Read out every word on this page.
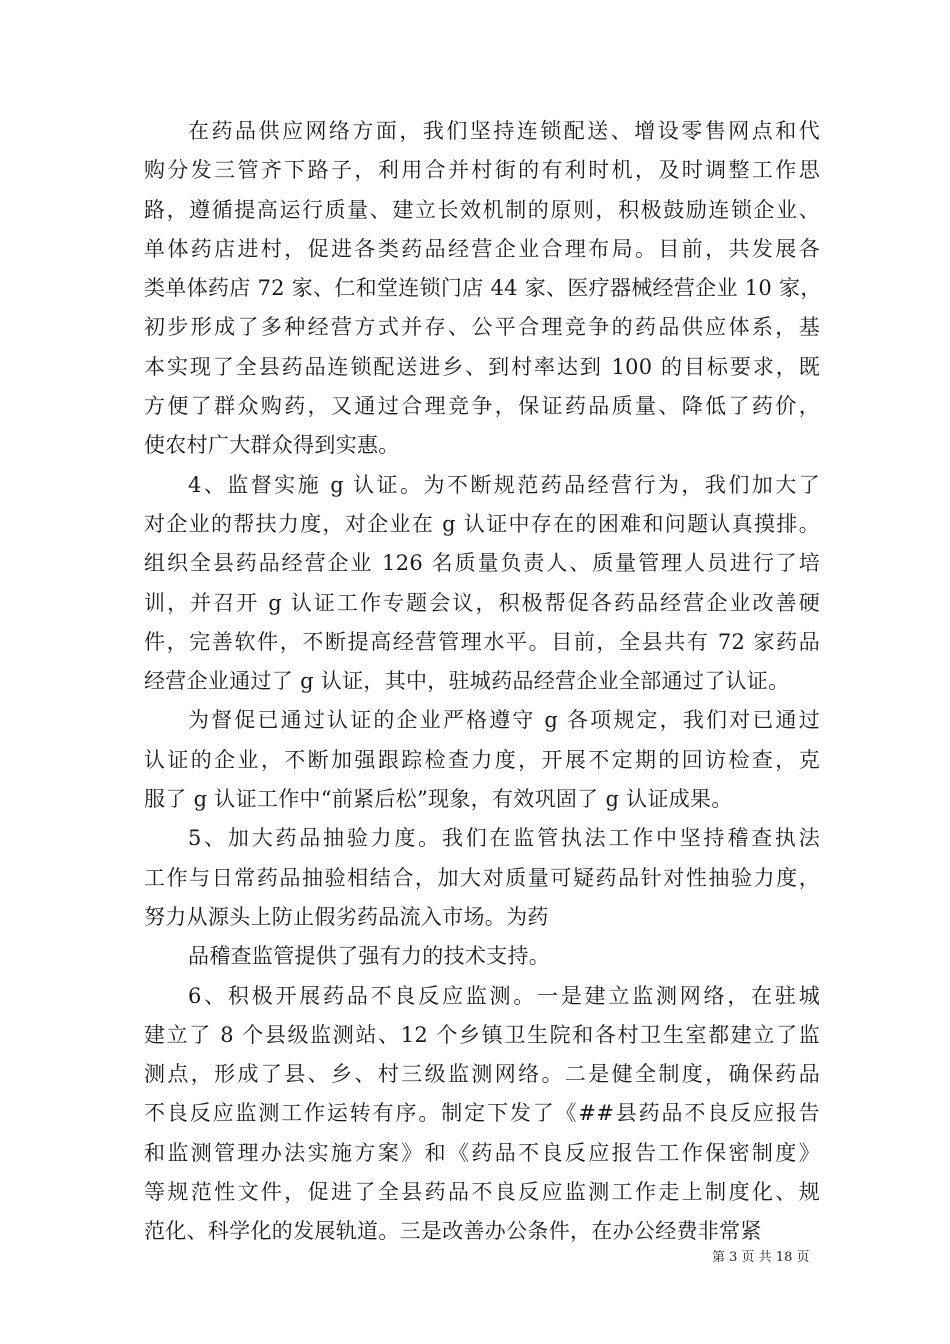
在药品供应网络方面，我们坚持连锁配送、增设零售网点和代
购分发三管齐下路子，利用合并村街的有利时机，及时调整工作思
路，遵循提高运行质量、建立长效机制的原则，积极鼓励连锁企业、
单体药店进村，促进各类药品经营企业合理布局。目前，共发展各
类单体药店 72 家、仁和堂连锁门店 44 家、医疗器械经营企业 10 家，
初步形成了多种经营方式并存、公平合理竞争的药品供应体系，基
本实现了全县药品连锁配送进乡、到村率达到 100 的目标要求，既
方便了群众购药，又通过合理竞争，保证药品质量、降低了药价，
使农村广大群众得到实惠。
4、监督实施 g 认证。为不断规范药品经营行为，我们加大了
对企业的帮扶力度，对企业在 g 认证中存在的困难和问题认真摸排。
组织全县药品经营企业 126 名质量负责人、质量管理人员进行了培
训，并召开 g 认证工作专题会议，积极帮促各药品经营企业改善硬
件，完善软件，不断提高经营管理水平。目前，全县共有 72 家药品
经营企业通过了 g 认证，其中，驻城药品经营企业全部通过了认证。
为督促已通过认证的企业严格遵守 g 各项规定，我们对已通过
认证的企业，不断加强跟踪检查力度，开展不定期的回访检查，克
服了 g 认证工作中“前紧后松”现象，有效巩固了 g 认证成果。
5、加大药品抽验力度。我们在监管执法工作中坚持稽查执法
工作与日常药品抽验相结合，加大对质量可疑药品针对性抽验力度，
努力从源头上防止假劣药品流入市场。为药
品稽查监管提供了强有力的技术支持。
6、积极开展药品不良反应监测。一是建立监测网络，在驻城
建立了 8 个县级监测站、12 个乡镇卫生院和各村卫生室都建立了监
测点，形成了县、乡、村三级监测网络。二是健全制度，确保药品
不良反应监测工作运转有序。制定下发了《##县药品不良反应报告
和监测管理办法实施方案》和《药品不良反应报告工作保密制度》
等规范性文件，促进了全县药品不良反应监测工作走上制度化、规
范化、科学化的发展轨道。三是改善办公条件，在办公经费非常紧
第 3 页 共 18 页
